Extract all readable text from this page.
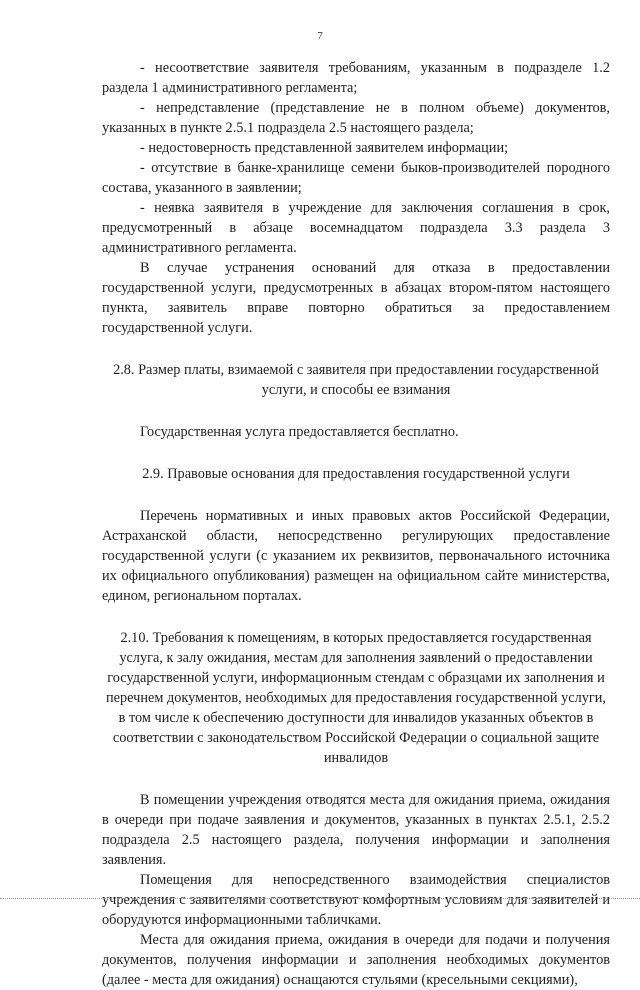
7

- несоответствие заявителя требованиям, указанным в подразделе 1.2 раздела 1 административного регламента;

- непредставление (представление не в полном объеме) документов, указанных в пункте 2.5.1 подраздела 2.5 настоящего раздела;

- недостоверность представленной заявителем информации;

- отсутствие в банке-хранилище семени быков-производителей породного состава, указанного в заявлении;

- неявка заявителя в учреждение для заключения соглашения в срок, предусмотренный в абзаце восемнадцатом подраздела 3.3 раздела 3 административного регламента.

В случае устранения оснований для отказа в предоставлении государственной услуги, предусмотренных в абзацах втором-пятом настоящего пункта, заявитель вправе повторно обратиться за предоставлением государственной услуги.

2.8. Размер платы, взимаемой с заявителя при предоставлении государственной услуги, и способы ее взимания

Государственная услуга предоставляется бесплатно.

2.9. Правовые основания для предоставления государственной услуги

Перечень нормативных и иных правовых актов Российской Федерации, Астраханской области, непосредственно регулирующих предоставление государственной услуги (с указанием их реквизитов, первоначального источника их официального опубликования) размещен на официальном сайте министерства, едином, региональном порталах.

2.10. Требования к помещениям, в которых предоставляется государственная услуга, к залу ожидания, местам для заполнения заявлений о предоставлении государственной услуги, информационным стендам с образцами их заполнения и перечнем документов, необходимых для предоставления государственной услуги, в том числе к обеспечению доступности для инвалидов указанных объектов в соответствии с законодательством Российской Федерации о социальной защите инвалидов

В помещении учреждения отводятся места для ожидания приема, ожидания в очереди при подаче заявления и документов, указанных в пунктах 2.5.1, 2.5.2 подраздела 2.5 настоящего раздела, получения информации и заполнения заявления.

Помещения для непосредственного взаимодействия специалистов учреждения с заявителями соответствуют комфортным условиям для заявителей и оборудуются информационными табличками.

Места для ожидания приема, ожидания в очереди для подачи и получения документов, получения информации и заполнения необходимых документов (далее - места для ожидания) оснащаются стульями (кресельными секциями),
